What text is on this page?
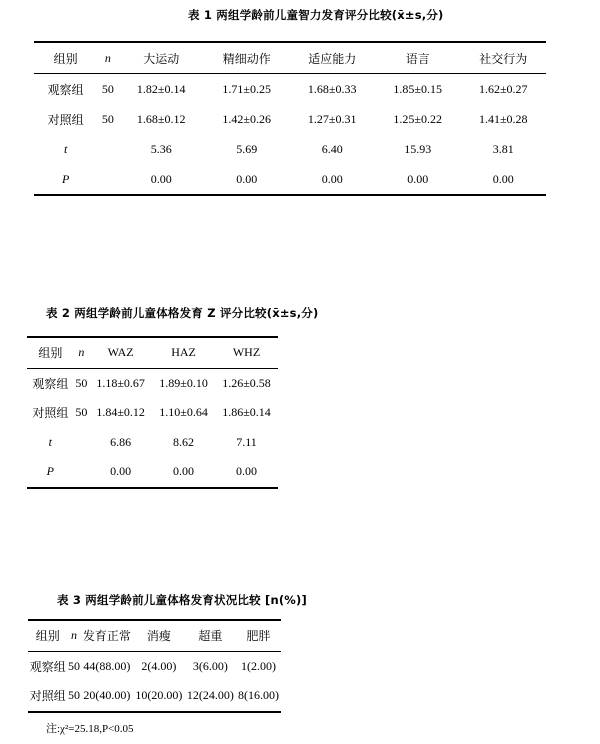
表 1 两组学龄前儿童智力发育评分比较(x̄±s,分)
组别	n	大运动	精细动作	适应能力	语言	社交行为
观察组	50	1.82±0.14	1.71±0.25	1.68±0.33	1.85±0.15	1.62±0.27
对照组	50	1.68±0.12	1.42±0.26	1.27±0.31	1.25±0.22	1.41±0.28
t		5.36	5.69	6.40	15.93	3.81
P		0.00	0.00	0.00	0.00	0.00
表 2 两组学龄前儿童体格发育 Z 评分比较(x̄±s,分)
组别	n	WAZ	HAZ	WHZ
观察组	50	1.18±0.67	1.89±0.10	1.26±0.58
对照组	50	1.84±0.12	1.10±0.64	1.86±0.14
t		6.86	8.62	7.11
P		0.00	0.00	0.00
表 3 两组学龄前儿童体格发育状况比较 [n(%)]
组别	n	发育正常	消瘦	超重	肥胖
观察组	50	44(88.00)	2(4.00)	3(6.00)	1(2.00)
对照组	50	20(40.00)	10(20.00)	12(24.00)	8(16.00)
注:χ²=25.18,P<0.05
